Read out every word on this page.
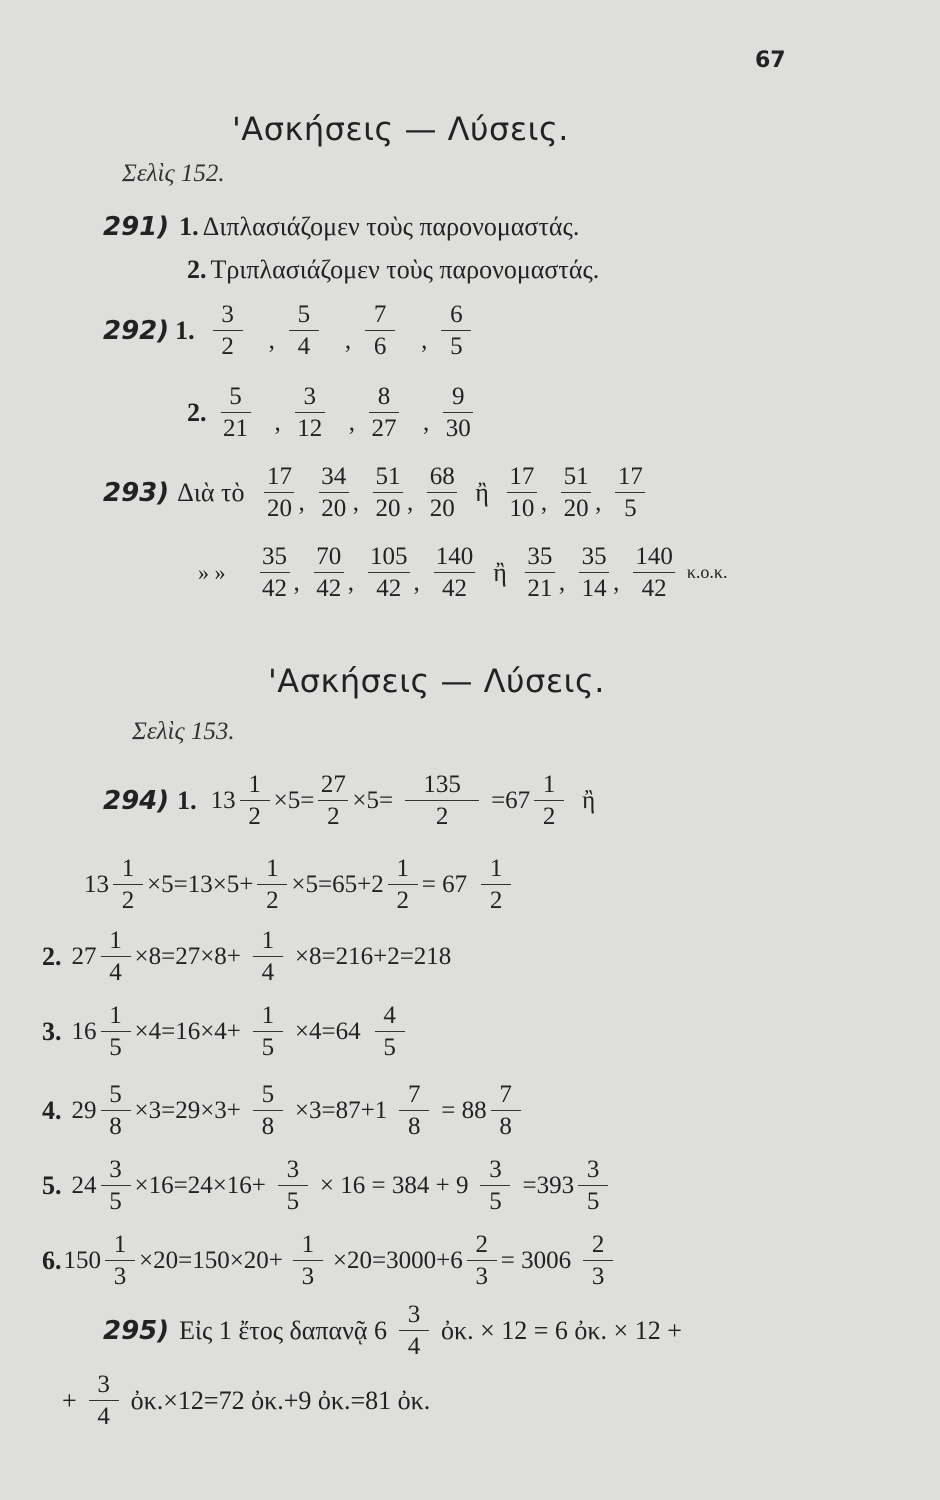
67
'Ασκήσεις — Λύσεις.
Σελὶς 152.
291) 1. Διπλασιάζομεν τοὺς παρονομαστάς.
2. Τριπλασιάζομεν τοὺς παρονομαστάς.
292) 1. $\frac{3}{2}$ , $\frac{5}{4}$ , $\frac{7}{6}$ , $\frac{6}{5}$
2. $\frac{5}{21}$ , $\frac{3}{12}$ , $\frac{8}{27}$ , $\frac{9}{30}$
293) Διὰ τὸ $\frac{17}{20}$ , $\frac{34}{20}$ , $\frac{51}{20}$ , $\frac{68}{20}$ ἢ $\frac{17}{10}$ , $\frac{51}{20}$ , $\frac{17}{5}$
» » $\frac{35}{42}$ , $\frac{70}{42}$ , $\frac{105}{42}$ , $\frac{140}{42}$ ἢ $\frac{35}{21}$ , $\frac{35}{14}$ , $\frac{140}{42} \kappa.o.\kappa$.
'Ασκήσεις — Λύσεις.
Σελὶς 153.
294) 1. $13 \frac{1}{2} \times 5= \frac{27}{2} \times 5= \frac{135}{2} =67 \frac{1}{2}$ ἢ
$13 \frac{1}{2} \times 5=13\times 5+ \frac{1}{2} \times 5=65+2 \frac{1}{2} = 67 \frac{1}{2}$
2. $27 \frac{1}{4} \times 8=27\times 8+ \frac{1}{4} \times 8=216+2=218$
3. $16 \frac{1}{5} \times 4=16\times 4+ \frac{1}{5} \times 4=64 \frac{4}{5}$
4. $29 \frac{5}{8} \times 3=29\times 3+ \frac{5}{8} \times 3=87+1 \frac{7}{8} = 88 \frac{7}{8}$
5. $24 \frac{3}{5} \times 16=24\times 16+ \frac{3}{5} \times 16 = 384 + 9 \frac{3}{5} =393 \frac{3}{5}$
6. $150 \frac{1}{3} \times 20=150\times 20+ \frac{1}{3} \times 20=3000+6 \frac{2}{3} = 3006 \frac{2}{3}$
295) Εἰς 1 ἔτος δαπανᾷ $6 \frac{3}{4}$ ὀκ. × 12 = 6 ὀκ. × 12 +
+ $\frac{3}{4}$ ὀκ.×12=72 ὀκ.+9 ὀκ.=81 ὀκ.
